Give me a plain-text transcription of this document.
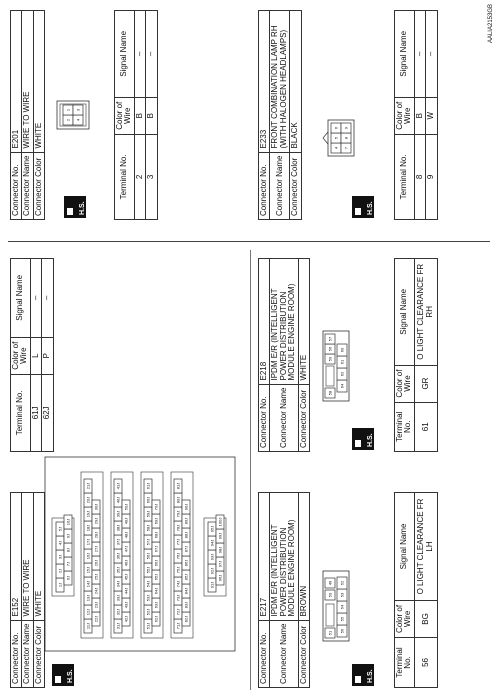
Connector No.	E152
Connector Name	WIRE TO WIRE
Connector Color	WHITE
H.S.
1J
2J
3J
4J
5J
6J
7J
8J
9J
10J
11J
12J
13J
14J
15J
16J
17J
18J
19J
20J
21J
22J
23J
24J
25J
26J
27J
28J
29J
30J
31J
32J
33J
34J
35J
36J
37J
38J
39J
40J
41J
42J
43J
44J
45J
46J
47J
48J
49J
50J
51J
52J
53J
54J
55J
56J
57J
58J
59J
60J
61J
62J
63J
64J
65J
66J
67J
68J
69J
70J
71J
72J
73J
74J
75J
76J
77J
78J
79J
80J
81J
82J
83J
84J
85J
86J
87J
88J
89J
90J
91J
92J
93J
94J
95J
96J
97J
98J
99J
100J
Terminal No.	Color of Wire	Signal Name
61J	L	–
62J	P	–
Connector No.	E217
Connector Name	IPDM E/R (INTELLIGENT POWER DISTRIBUTION MODULE ENGINE ROOM)
Connector Color	BROWN
H.S.
51
50
49
56
55
54
53
52
Terminal No.	Color of Wire	Signal Name
56	BG	O LIGHT CLEARANCE FR LH
Connector No.	E218
Connector Name	IPDM E/R (INTELLIGENT POWER DISTRIBUTION MODULE ENGINE ROOM)
Connector Color	WHITE
H.S.
58
59
56
57
64
62
61
60
Terminal No.	Color of Wire	Signal Name
61	GR	O LIGHT CLEARANCE FR RH
Connector No.	E201
Connector Name	WIRE TO WIRE
Connector Color	WHITE
H.S.
2
1
4
3
Terminal No.	Color of Wire	Signal Name
2	B	–
3	B	–
Connector No.	E233
Connector Name	FRONT COMBINATION LAMP RH (WITH HALOGEN HEADLAMPS)
Connector Color	BLACK
H.S.
4
5
6
7
8
9
Terminal No.	Color of Wire	Signal Name
8	B	–
9	W	–
AALIA2153GB
